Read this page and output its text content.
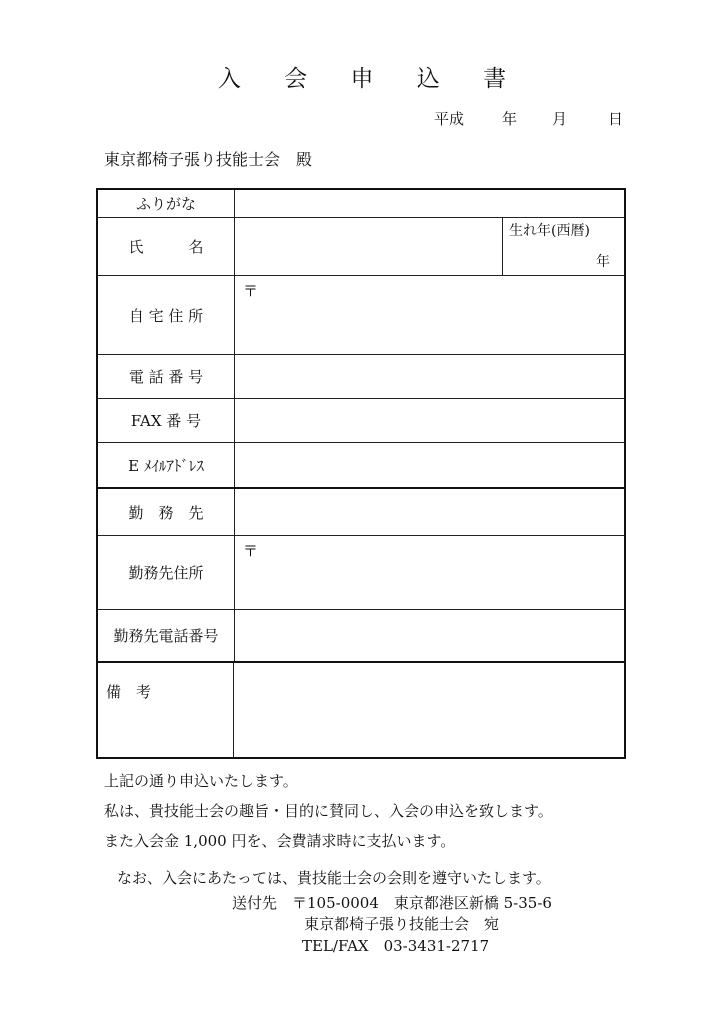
入 会 申 込 書
平成	年 月	日
東京都椅子張り技能士会　殿
ふりがな
氏　　　名
生れ年(西暦)
年
自 宅 住 所
〒
電 話 番 号
FAX 番 号
E ﾒｲﾙｱﾄﾞﾚｽ
勤　務　先
勤務先住所
〒
勤務先電話番号
備　考
上記の通り申込いたします。
私は、貴技能士会の趣旨・目的に賛同し、入会の申込を致します。
また入会金 1,000 円を、会費請求時に支払います。
なお、入会にあたっては、貴技能士会の会則を遵守いたします。
送付先　〒105-0004　東京都港区新橋 5-35-6
東京都椅子張り技能士会　宛
TEL/FAX　03-3431-2717
